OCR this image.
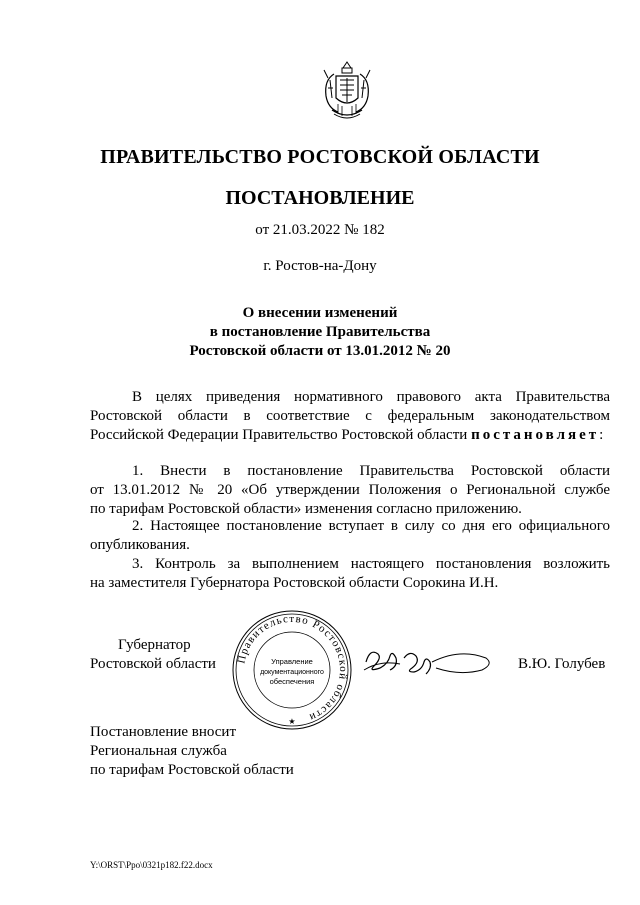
ПРАВИТЕЛЬСТВО РОСТОВСКОЙ ОБЛАСТИ
ПОСТАНОВЛЕНИЕ
от 21.03.2022 № 182
г. Ростов-на-Дону
О внесении изменений
в постановление Правительства
Ростовской области от 13.01.2012 № 20
В целях приведения нормативного правового акта Правительства
Ростовской области в соответствие с федеральным законодательством
Российской Федерации Правительство Ростовской области постановляет:
1. Внести в постановление Правительства Ростовской области
от 13.01.2012 № 20 «Об утверждении Положения о Региональной службе
по тарифам Ростовской области» изменения согласно приложению.
2. Настоящее постановление вступает в силу со дня его официального
опубликования.
3. Контроль за выполнением настоящего постановления возложить
на заместителя Губернатора Ростовской области Сорокина И.Н.
Губернатор
Ростовской области Правительство Ростовской области
★
Управление
документационного
обеспечения
В.Ю. Голубев
Постановление вносит
Региональная служба
по тарифам Ростовской области
Y:\ORST\Ppo\0321p182.f22.docx
